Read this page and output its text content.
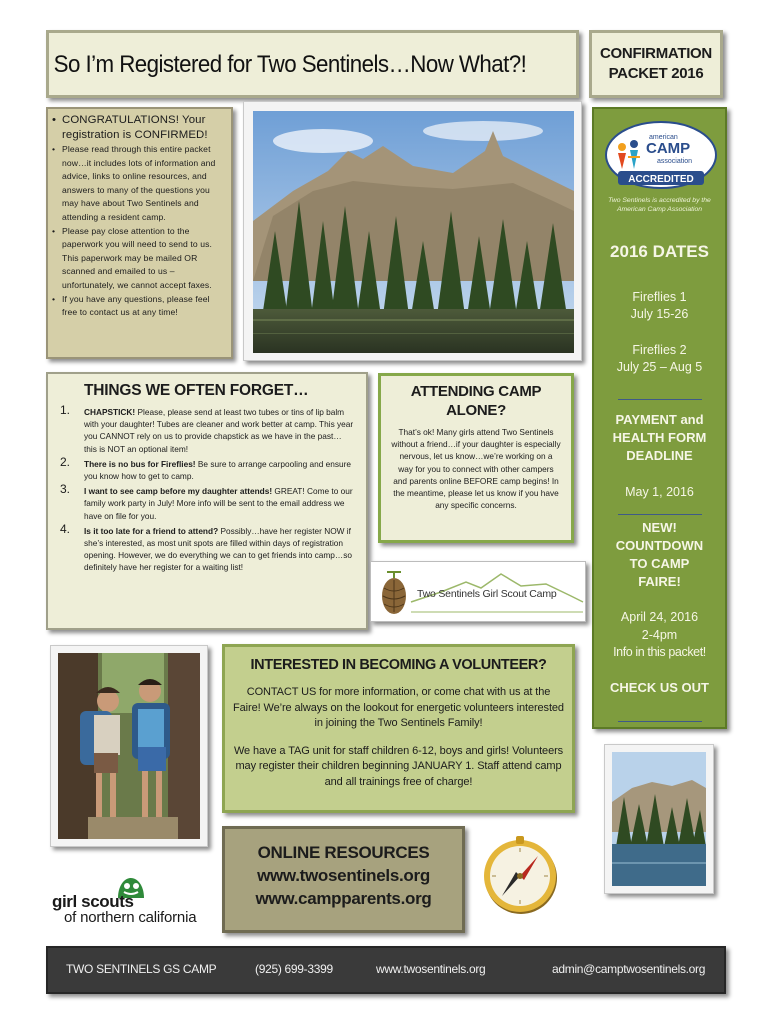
So I’m Registered for Two Sentinels…Now What?!	CONFIRMATION
PACKET 2016
• CONGRATULATIONS! Your registration is CONFIRMED!
• Please read through this entire packet now…it includes lots of information and advice, links to online resources, and answers to many of the questions you may have about Two Sentinels and attending a resident camp.
• Please pay close attention to the paperwork you will need to send to us. This paperwork may be mailed OR scanned and emailed to us – unfortunately, we cannot accept faxes.
• If you have any questions, please feel free to contact us at any time!
american
CAMP
association
ACCREDITED
Two Sentinels is accredited by the American Camp Association
2016 DATES
Fireflies 1
July 15-26
Fireflies 2
July 25 – Aug 5
PAYMENT and
HEALTH FORM
DEADLINE
May 1, 2016
NEW!
COUNTDOWN
TO CAMP
FAIRE!
April 24, 2016
2-4pm
Info in this packet!
CHECK US OUT
THINGS WE OFTEN FORGET…
1. CHAPSTICK! Please, please send at least two tubes or tins of lip balm with your daughter! Tubes are cleaner and work better at camp. This year you CANNOT rely on us to provide chapstick as we have in the past…this is NOT an optional item!
2. There is no bus for Fireflies! Be sure to arrange carpooling and ensure you know how to get to camp.
3. I want to see camp before my daughter attends! GREAT! Come to our family work party in July! More info will be sent to the email address we have on file for you.
4. Is it too late for a friend to attend? Possibly…have her register NOW if she’s interested, as most unit spots are filled within days of registration opening. However, we do everything we can to get friends into camp…so definitely have her register for a waiting list!
ATTENDING CAMP
ALONE?

That’s ok! Many girls attend Two Sentinels without a friend…if your daughter is especially nervous, let us know…we’re working on a way for you to connect with other campers and parents online BEFORE camp begins! In the meantime, please let us know if you have any specific concerns.

Two Sentinels Girl Scout Camp
INTERESTED IN BECOMING A VOLUNTEER?

CONTACT US for more information, or come chat with us at the Faire! We’re always on the lookout for energetic volunteers interested in joining the Two Sentinels Family!

We have a TAG unit for staff children 6-12, boys and girls! Volunteers may register their children beginning JANUARY 1. Staff attend camp and all trainings free of charge!

ONLINE RESOURCES
www.twosentinels.org
www.campparents.org
girl scouts
of northern california
TWO SENTINELS GS CAMP	(925) 699-3399	www.twosentinels.org	admin@camptwosentinels.org
